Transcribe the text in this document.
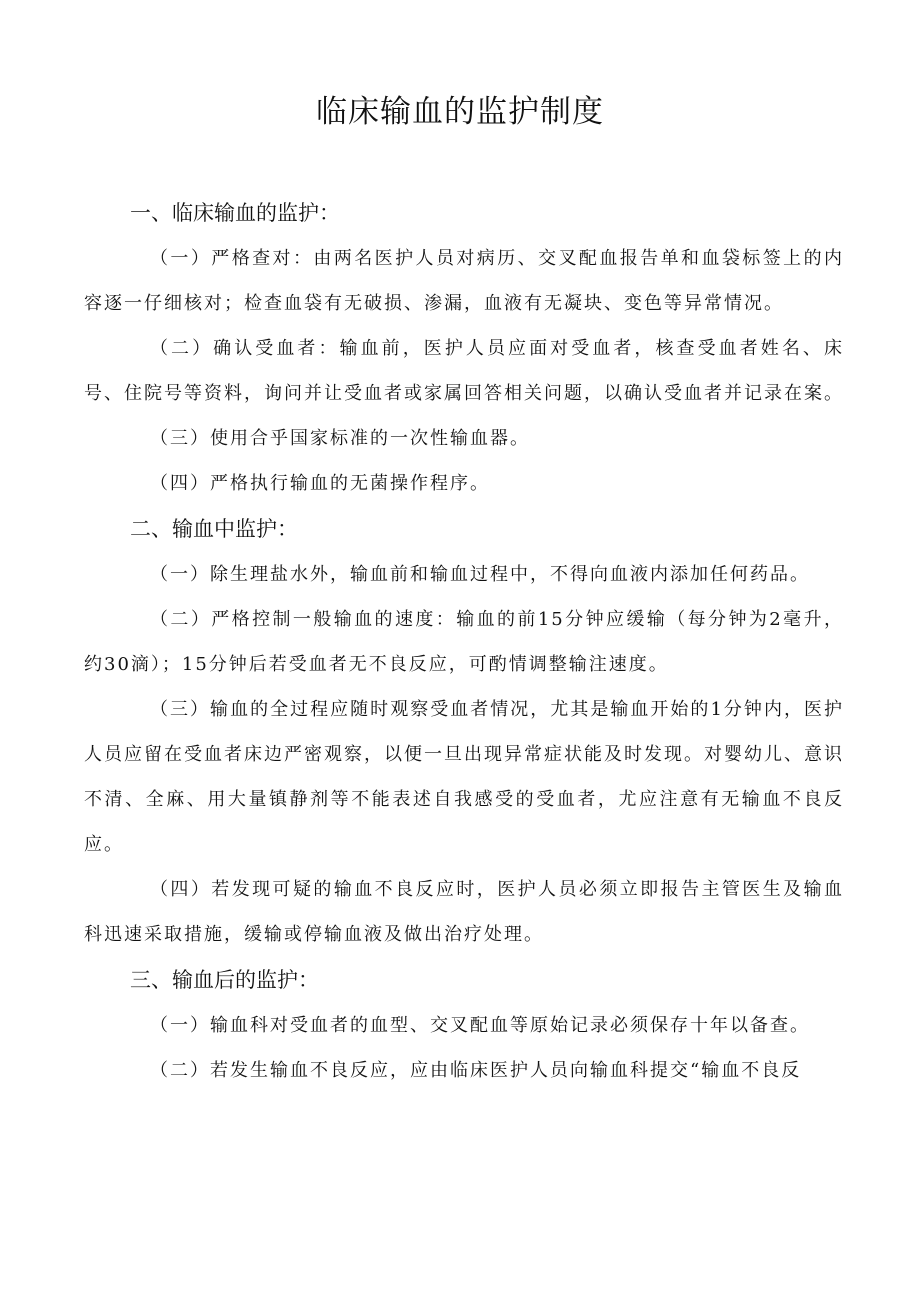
临床输血的监护制度

一、临床输血的监护：

（一）严格查对：由两名医护人员对病历、交叉配血报告单和血袋标签上的内容逐一仔细核对；检查血袋有无破损、渗漏，血液有无凝块、变色等异常情况。

（二）确认受血者：输血前，医护人员应面对受血者，核查受血者姓名、床号、住院号等资料，询问并让受血者或家属回答相关问题，以确认受血者并记录在案。

（三）使用合乎国家标准的一次性输血器。

（四）严格执行输血的无菌操作程序。

二、输血中监护：

（一）除生理盐水外，输血前和输血过程中，不得向血液内添加任何药品。

（二）严格控制一般输血的速度：输血的前15分钟应缓输（每分钟为2毫升，约30滴）；15分钟后若受血者无不良反应，可酌情调整输注速度。

（三）输血的全过程应随时观察受血者情况，尤其是输血开始的1分钟内，医护人员应留在受血者床边严密观察，以便一旦出现异常症状能及时发现。对婴幼儿、意识不清、全麻、用大量镇静剂等不能表述自我感受的受血者，尤应注意有无输血不良反应。

（四）若发现可疑的输血不良反应时，医护人员必须立即报告主管医生及输血科迅速采取措施，缓输或停输血液及做出治疗处理。

三、输血后的监护：

（一）输血科对受血者的血型、交叉配血等原始记录必须保存十年以备查。

（二）若发生输血不良反应，应由临床医护人员向输血科提交“输血不良反
